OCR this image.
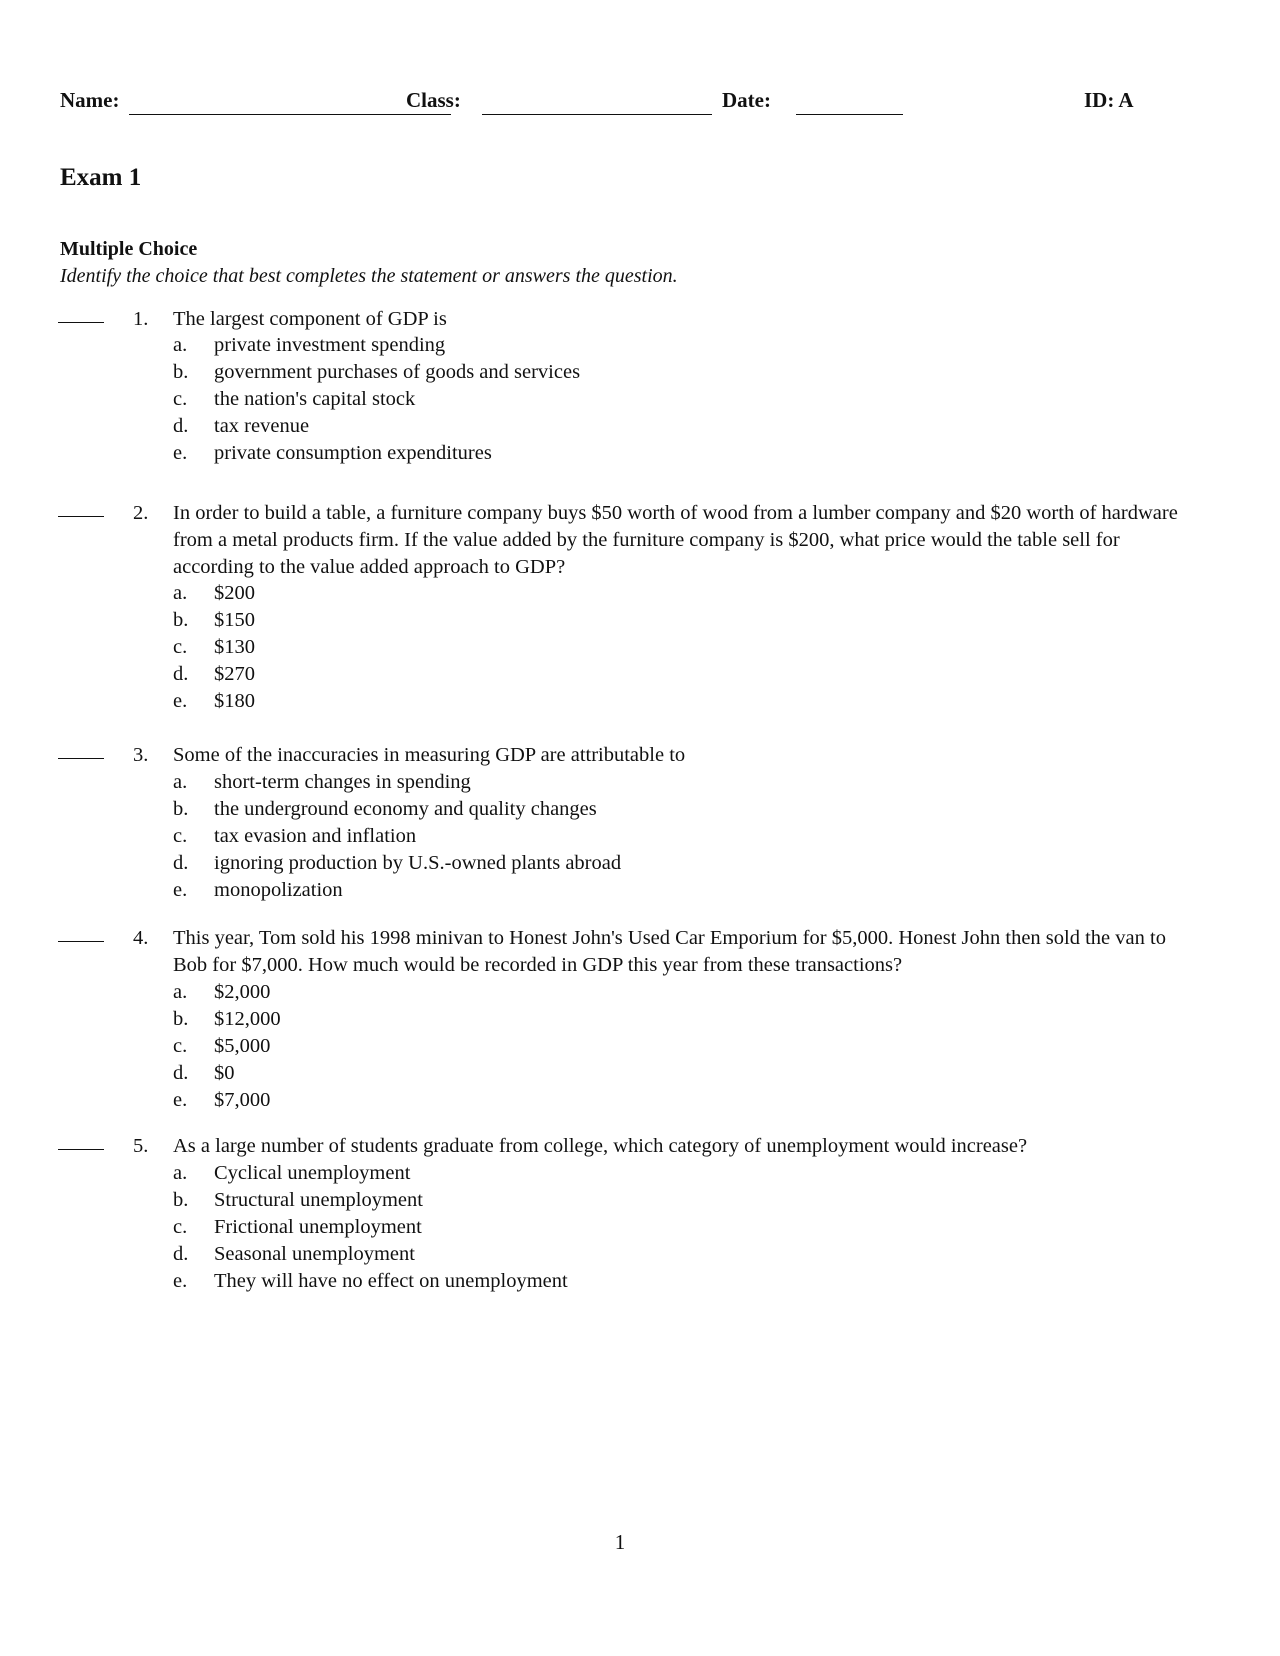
Name:	Class:	Date:	ID: A
Exam 1
Multiple Choice
Identify the choice that best completes the statement or answers the question.
1.	The largest component of GDP is
a. private investment spending
b. government purchases of goods and services
c. the nation's capital stock
d. tax revenue
e. private consumption expenditures
2.	In order to build a table, a furniture company buys $50 worth of wood from a lumber company and $20 worth of hardware from a metal products firm. If the value added by the furniture company is $200, what price would the table sell for according to the value added approach to GDP?
a. $200
b. $150
c. $130
d. $270
e. $180
3.	Some of the inaccuracies in measuring GDP are attributable to
a. short-term changes in spending
b. the underground economy and quality changes
c. tax evasion and inflation
d. ignoring production by U.S.-owned plants abroad
e. monopolization
4.	This year, Tom sold his 1998 minivan to Honest John's Used Car Emporium for $5,000. Honest John then sold the van to Bob for $7,000. How much would be recorded in GDP this year from these transactions?
a. $2,000
b. $12,000
c. $5,000
d. $0
e. $7,000
5.	As a large number of students graduate from college, which category of unemployment would increase?
a. Cyclical unemployment
b. Structural unemployment
c. Frictional unemployment
d. Seasonal unemployment
e. They will have no effect on unemployment
1
